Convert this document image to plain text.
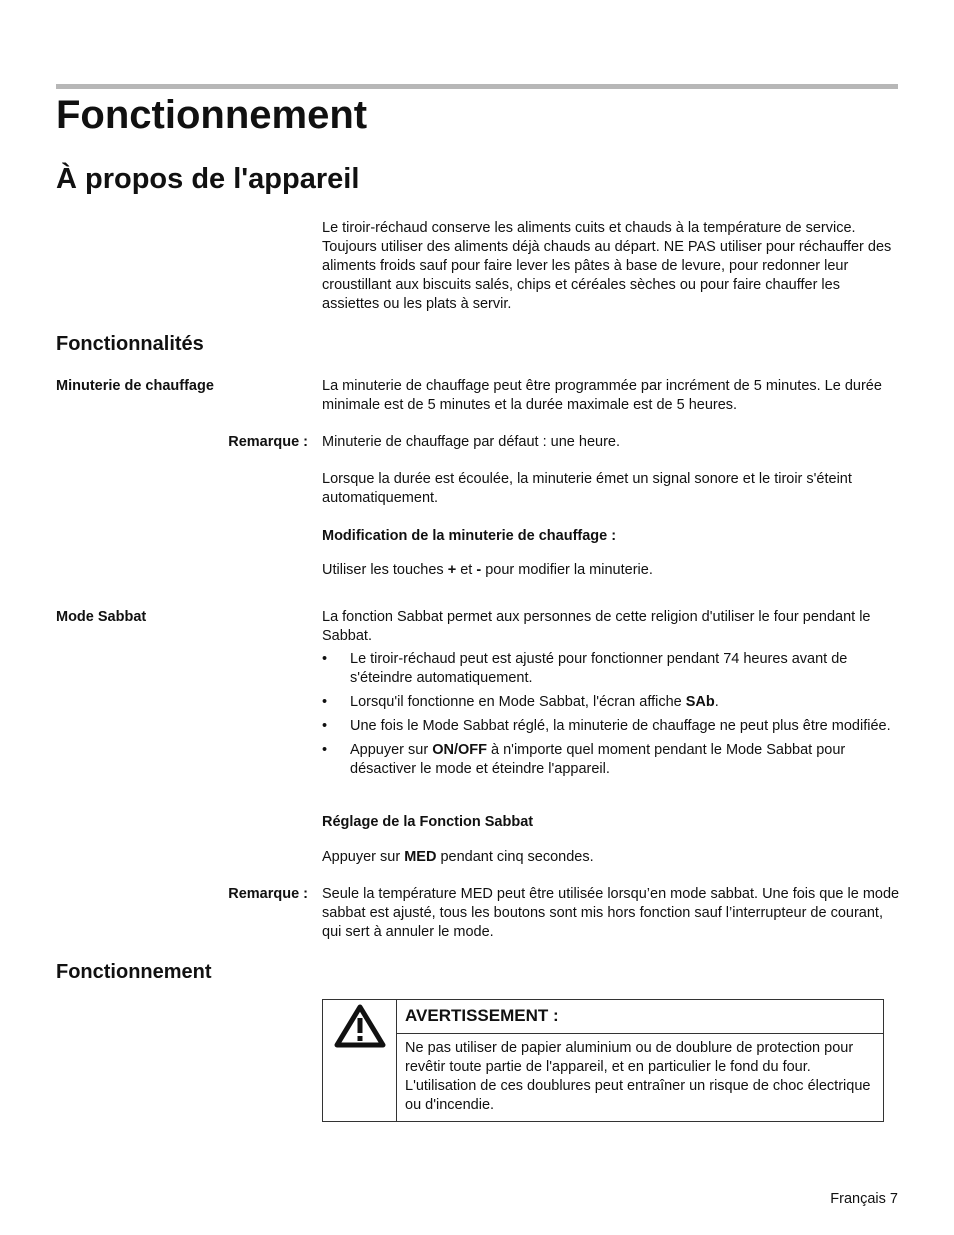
Fonctionnement
À propos de l'appareil

Le tiroir-réchaud conserve les aliments cuits et chauds à la température de service. Toujours utiliser des aliments déjà chauds au départ. NE PAS utiliser pour réchauffer des aliments froids sauf pour faire lever les pâtes à base de levure, pour redonner leur croustillant aux biscuits salés, chips et céréales sèches ou pour faire chauffer les assiettes ou les plats à servir.

Fonctionnalités
Minuterie de chauffage	La minuterie de chauffage peut être programmée par incrément de 5 minutes. Le durée minimale est de 5 minutes et la durée maximale est de 5 heures.

Remarque : Minuterie de chauffage par défaut : une heure.

Lorsque la durée est écoulée, la minuterie émet un signal sonore et le tiroir s'éteint automatiquement.

Modification de la minuterie de chauffage :

Utiliser les touches + et - pour modifier la minuterie.

Mode Sabbat	La fonction Sabbat permet aux personnes de cette religion d'utiliser le four pendant le Sabbat.

• Le tiroir-réchaud peut est ajusté pour fonctionner pendant 74 heures avant de s'éteindre automatiquement.
• Lorsqu'il fonctionne en Mode Sabbat, l'écran affiche SAb.
• Une fois le Mode Sabbat réglé, la minuterie de chauffage ne peut plus être modifiée.
• Appuyer sur ON/OFF à n'importe quel moment pendant le Mode Sabbat pour désactiver le mode et éteindre l'appareil.

Réglage de la Fonction Sabbat

Appuyer sur MED pendant cinq secondes.

Remarque : Seule la température MED peut être utilisée lorsqu’en mode sabbat. Une fois que le mode sabbat est ajusté, tous les boutons sont mis hors fonction sauf l’interrupteur de courant, qui sert à annuler le mode.

Fonctionnement
AVERTISSEMENT :

Ne pas utiliser de papier aluminium ou de doublure de protection pour revêtir toute partie de l'appareil, et en particulier le fond du four. L'utilisation de ces doublures peut entraîner un risque de choc électrique ou d'incendie.

Français 7
